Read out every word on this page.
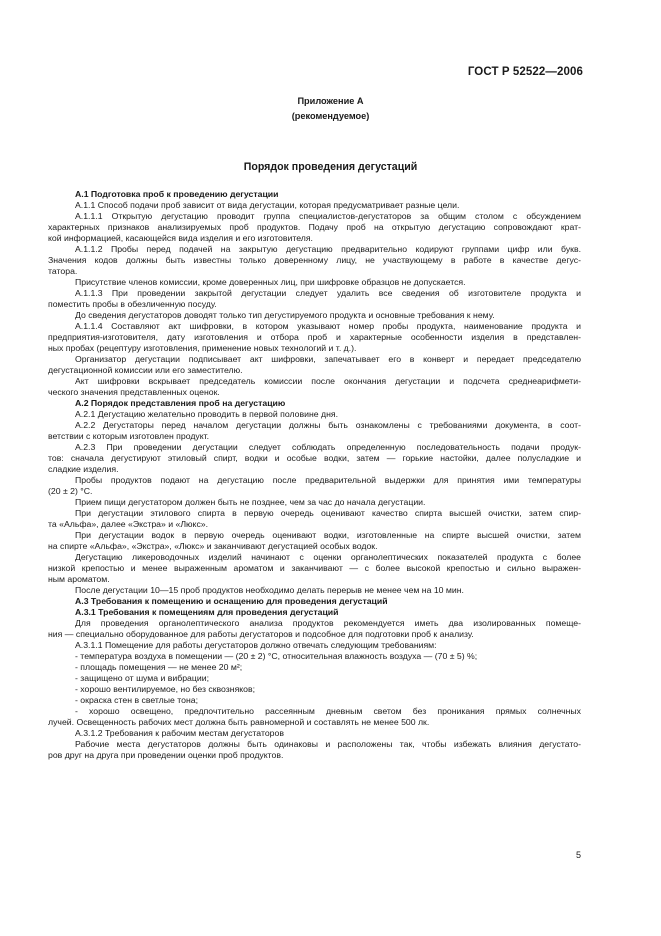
ГОСТ Р 52522—2006
Приложение А
(рекомендуемое)
Порядок проведения дегустаций
А.1 Подготовка проб к проведению дегустации
А.1.1 Способ подачи проб зависит от вида дегустации, которая предусматривает разные цели.
А.1.1.1 Открытую дегустацию проводит группа специалистов-дегустаторов за общим столом с обсуждением
характерных признаков анализируемых проб продуктов. Подачу проб на открытую дегустацию сопровождают крат-
кой информацией, касающейся вида изделия и его изготовителя.
А.1.1.2 Пробы перед подачей на закрытую дегустацию предварительно кодируют группами цифр или букв.
Значения кодов должны быть известны только доверенному лицу, не участвующему в работе в качестве дегус-
татора.
Присутствие членов комиссии, кроме доверенных лиц, при шифровке образцов не допускается.
А.1.1.3 При проведении закрытой дегустации следует удалить все сведения об изготовителе продукта и
поместить пробы в обезличенную посуду.
До сведения дегустаторов доводят только тип дегустируемого продукта и основные требования к нему.
А.1.1.4 Составляют акт шифровки, в котором указывают номер пробы продукта, наименование продукта и
предприятия-изготовителя, дату изготовления и отбора проб и характерные особенности изделия в представлен-
ных пробах (рецептуру изготовления, применение новых технологий и т. д.).
Организатор дегустации подписывает акт шифровки, запечатывает его в конверт и передает председателю
дегустационной комиссии или его заместителю.
Акт шифровки вскрывает председатель комиссии после окончания дегустации и подсчета среднеарифмети-
ческого значения представленных оценок.
А.2 Порядок представления проб на дегустацию
А.2.1 Дегустацию желательно проводить в первой половине дня.
А.2.2 Дегустаторы перед началом дегустации должны быть ознакомлены с требованиями документа, в соот-
ветствии с которым изготовлен продукт.
А.2.3 При проведении дегустации следует соблюдать определенную последовательность подачи продук-
тов: сначала дегустируют этиловый спирт, водки и особые водки, затем — горькие настойки, далее полусладкие и
сладкие изделия.
Пробы продуктов подают на дегустацию после предварительной выдержки для принятия ими температуры
(20 ± 2) °С.
Прием пищи дегустатором должен быть не позднее, чем за час до начала дегустации.
При дегустации этилового спирта в первую очередь оценивают качество спирта высшей очистки, затем спир-
та «Альфа», далее «Экстра» и «Люкс».
При дегустации водок в первую очередь оценивают водки, изготовленные на спирте высшей очистки, затем
на спирте «Альфа», «Экстра», «Люкс» и заканчивают дегустацией особых водок.
Дегустацию ликероводочных изделий начинают с оценки органолептических показателей продукта с более
низкой крепостью и менее выраженным ароматом и заканчивают — с более высокой крепостью и сильно выражен-
ным ароматом.
После дегустации 10—15 проб продуктов необходимо делать перерыв не менее чем на 10 мин.
А.3 Требования к помещению и оснащению для проведения дегустаций
А.3.1 Требования к помещениям для проведения дегустаций
Для проведения органолептического анализа продуктов рекомендуется иметь два изолированных помеще-
ния — специально оборудованное для работы дегустаторов и подсобное для подготовки проб к анализу.
А.3.1.1 Помещение для работы дегустаторов должно отвечать следующим требованиям:
- температура воздуха в помещении — (20 ± 2) °С, относительная влажность воздуха — (70 ± 5) %;
- площадь помещения — не менее 20 м²;
- защищено от шума и вибрации;
- хорошо вентилируемое, но без сквозняков;
- окраска стен в светлые тона;
- хорошо освещено, предпочтительно рассеянным дневным светом без проникания прямых солнечных
лучей. Освещенность рабочих мест должна быть равномерной и составлять не менее 500 лк.
А.3.1.2 Требования к рабочим местам дегустаторов
Рабочие места дегустаторов должны быть одинаковы и расположены так, чтобы избежать влияния дегустато-
ров друг на друга при проведении оценки проб продуктов.
5
